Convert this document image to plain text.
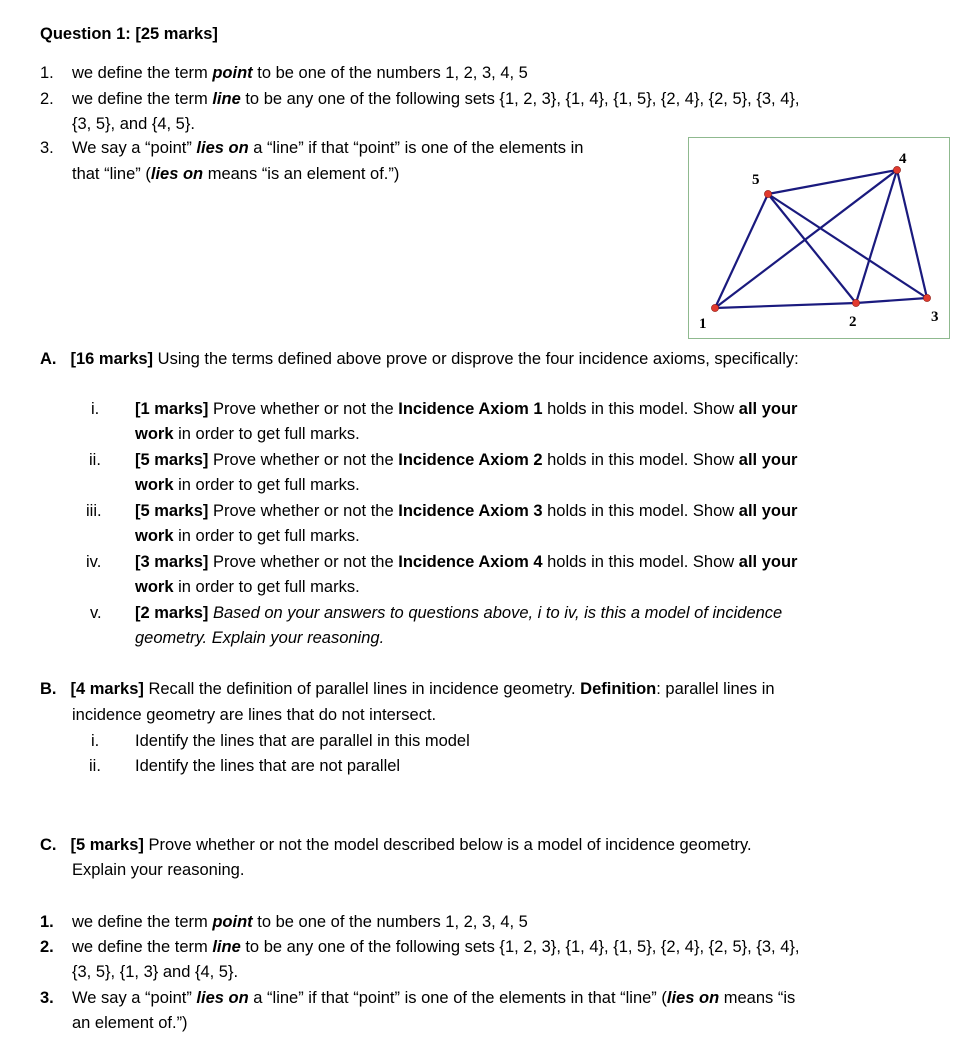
Question 1: [25 marks]
1. we define the term point to be one of the numbers 1, 2, 3, 4, 5
2. we define the term line to be any one of the following sets {1, 2, 3}, {1, 4}, {1, 5}, {2, 4}, {2, 5}, {3, 4},
{3, 5}, and {4, 5}.
3. We say a “point” lies on a “line” if that “point” is one of the elements in
that “line” (lies on means “is an element of.”)
1	2	3
4
5
A. [16 marks] Using the terms defined above prove or disprove the four incidence axioms, specifically:
i. [1 marks] Prove whether or not the Incidence Axiom 1 holds in this model. Show all your
work in order to get full marks.
ii. [5 marks] Prove whether or not the Incidence Axiom 2 holds in this model. Show all your
work in order to get full marks.
iii. [5 marks] Prove whether or not the Incidence Axiom 3 holds in this model. Show all your
work in order to get full marks.
iv. [3 marks] Prove whether or not the Incidence Axiom 4 holds in this model. Show all your
work in order to get full marks.
v. [2 marks] Based on your answers to questions above, i to iv, is this a model of incidence
geometry. Explain your reasoning.
B. [4 marks] Recall the definition of parallel lines in incidence geometry. Definition: parallel lines in
incidence geometry are lines that do not intersect.
i. Identify the lines that are parallel in this model
ii. Identify the lines that are not parallel
C. [5 marks] Prove whether or not the model described below is a model of incidence geometry.
Explain your reasoning.
1. we define the term point to be one of the numbers 1, 2, 3, 4, 5
2. we define the term line to be any one of the following sets {1, 2, 3}, {1, 4}, {1, 5}, {2, 4}, {2, 5}, {3, 4},
{3, 5}, {1, 3} and {4, 5}.
3. We say a “point” lies on a “line” if that “point” is one of the elements in that “line” (lies on means “is
an element of.”)
